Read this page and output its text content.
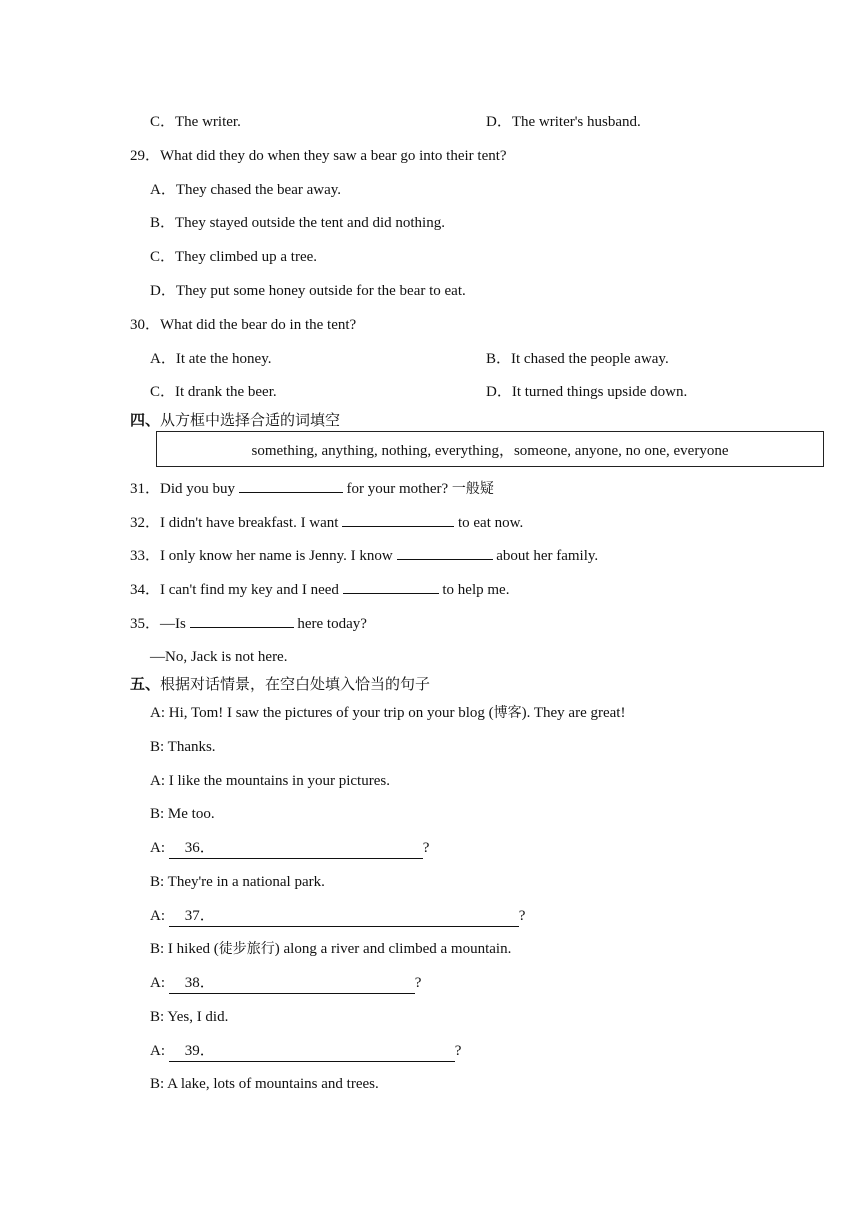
C．The writer.	D．The writer's husband.
29．What did they do when they saw a bear go into their tent?
A．They chased the bear away.
B．They stayed outside the tent and did nothing.
C．They climbed up a tree.
D．They put some honey outside for the bear to eat.
30．What did the bear do in the tent?
A．It ate the honey.	B．It chased the people away.
C．It drank the beer.	D．It turned things upside down.
四、从方框中选择合适的词填空
something, anything, nothing, everything，someone, anyone, no one, everyone
31．Did you buy	for your mother? 一般疑
32．I didn't have breakfast. I want	to eat now.
33．I only know her name is Jenny. I know	about her family.
34．I can't find my key and I need	to help me.
35．—Is	here today?
—No, Jack is not here.
五、根据对话情景，在空白处填入恰当的句子
A: Hi, Tom! I saw the pictures of your trip on your blog (博客). They are great!
B: Thanks.
A: I like the mountains in your pictures.
B: Me too.
A: 36．	?
B: They're in a national park.
A: 37．	?
B: I hiked (徒步旅行) along a river and climbed a mountain.
A: 38．	?
B: Yes, I did.
A: 39．	?
B: A lake, lots of mountains and trees.
